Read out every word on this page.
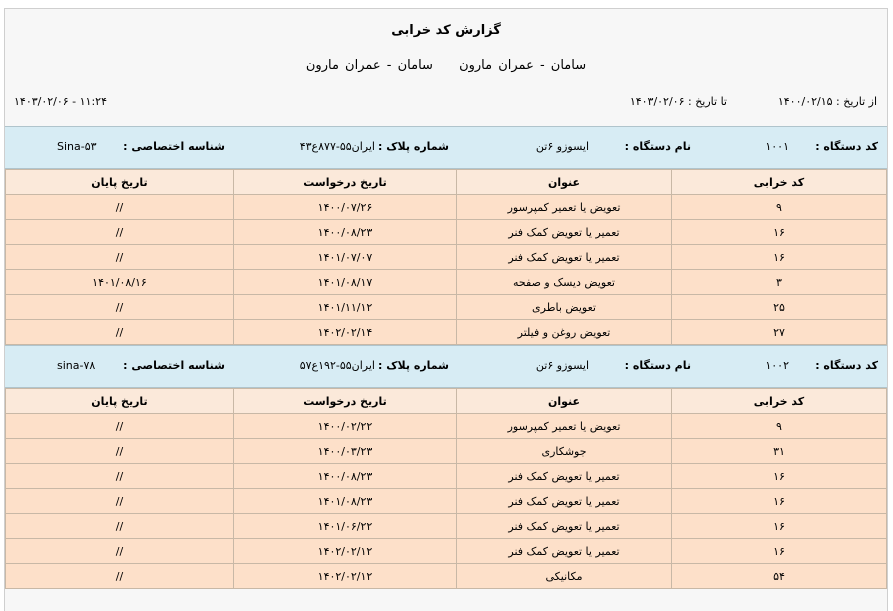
گزارش کد خرابی
سامان - عمران مارون سامان - عمران مارون
از تاریخ : ۱۴۰۰/۰۲/۱۵
تا تاریخ : ۱۴۰۳/۰۲/۰۶
۱۴۰۳/۰۲/۰۶ - ۱۱:۲۴
کد دستگاه :
۱۰۰۱
نام دستگاه :
ایسوزو ۶تن
شماره پلاک :
ایران۵۵-۸۷۷ع۴۳
شناسه اختصاصی :
Sina-۵۳
کد خرابی	عنوان	تاریخ درخواست	تاریخ پایان
۹	تعویض یا تعمیر کمپرسور	۱۴۰۰/۰۷/۲۶	//
۱۶	تعمیر یا تعویض کمک فنر	۱۴۰۰/۰۸/۲۳	//
۱۶	تعمیر یا تعویض کمک فنر	۱۴۰۱/۰۷/۰۷	//
۳	تعویض دیسک و صفحه	۱۴۰۱/۰۸/۱۷	۱۴۰۱/۰۸/۱۶
۲۵	تعویض باطری	۱۴۰۱/۱۱/۱۲	//
۲۷	تعویض روغن و فیلتر	۱۴۰۲/۰۲/۱۴	//
کد دستگاه :
۱۰۰۲
نام دستگاه :
ایسوزو ۶تن
شماره پلاک :
ایران۵۵-۱۹۲ع۵۷
شناسه اختصاصی :
sina-۷۸
کد خرابی	عنوان	تاریخ درخواست	تاریخ پایان
۹	تعویض یا تعمیر کمپرسور	۱۴۰۰/۰۲/۲۲	//
۳۱	جوشکاری	۱۴۰۰/۰۳/۲۳	//
۱۶	تعمیر یا تعویض کمک فنر	۱۴۰۰/۰۸/۲۳	//
۱۶	تعمیر یا تعویض کمک فنر	۱۴۰۱/۰۸/۲۳	//
۱۶	تعمیر یا تعویض کمک فنر	۱۴۰۱/۰۶/۲۲	//
۱۶	تعمیر یا تعویض کمک فنر	۱۴۰۲/۰۲/۱۲	//
۵۴	مکانیکی	۱۴۰۲/۰۲/۱۲	//
